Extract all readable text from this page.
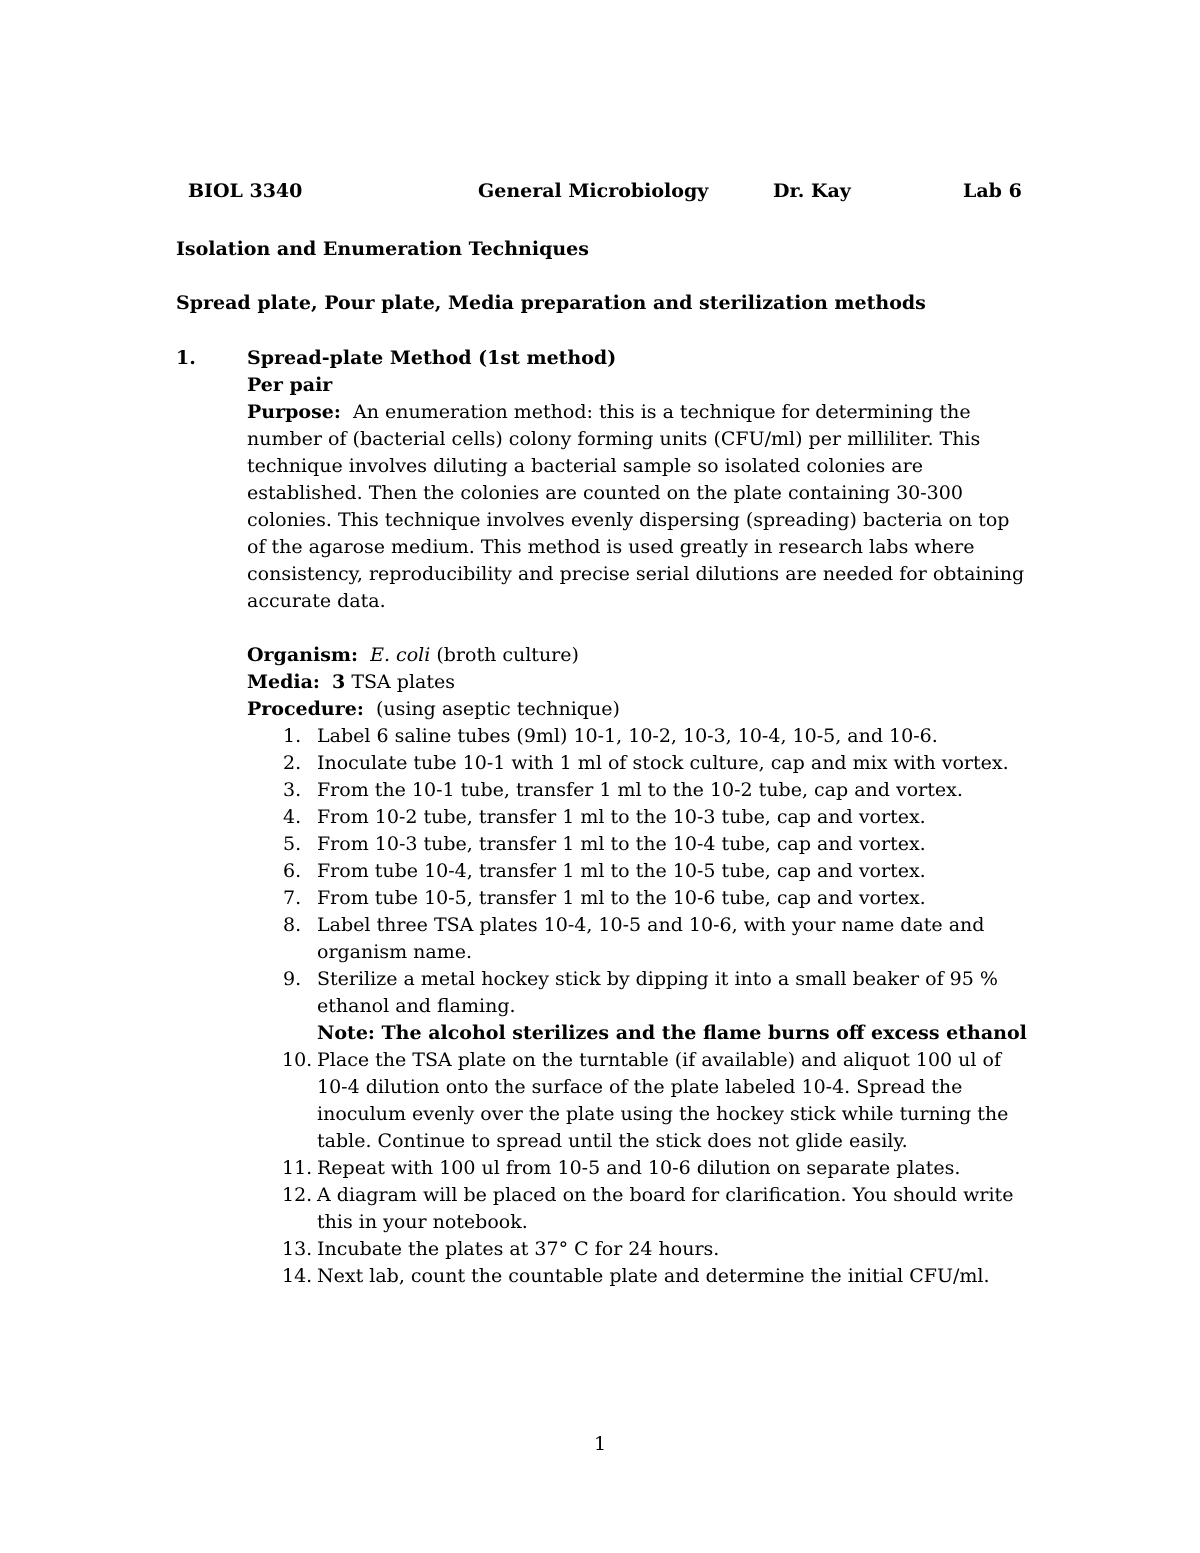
BIOL 3340	General Microbiology	Dr. Kay	Lab 6
Isolation and Enumeration Techniques
Spread plate, Pour plate, Media preparation and sterilization methods
1.	Spread-plate Method (1st method)
Per pair

Purpose: An enumeration method: this is a technique for determining the number of (bacterial cells) colony forming units (CFU/ml) per milliliter. This technique involves diluting a bacterial sample so isolated colonies are established. Then the colonies are counted on the plate containing 30-300 colonies. This technique involves evenly dispersing (spreading) bacteria on top of the agarose medium. This method is used greatly in research labs where consistency, reproducibility and precise serial dilutions are needed for obtaining accurate data.

Organism: E. coli (broth culture)
Media: 3 TSA plates
Procedure: (using aseptic technique)
1. Label 6 saline tubes (9ml) 10-1, 10-2, 10-3, 10-4, 10-5, and 10-6.
2. Inoculate tube 10-1 with 1 ml of stock culture, cap and mix with vortex.
3. From the 10-1 tube, transfer 1 ml to the 10-2 tube, cap and vortex.
4. From 10-2 tube, transfer 1 ml to the 10-3 tube, cap and vortex.
5. From 10-3 tube, transfer 1 ml to the 10-4 tube, cap and vortex.
6. From tube 10-4, transfer 1 ml to the 10-5 tube, cap and vortex.
7. From tube 10-5, transfer 1 ml to the 10-6 tube, cap and vortex.
8. Label three TSA plates 10-4, 10-5 and 10-6, with your name date and organism name.
9. Sterilize a metal hockey stick by dipping it into a small beaker of 95 % ethanol and flaming.
Note: The alcohol sterilizes and the flame burns off excess ethanol
10. Place the TSA plate on the turntable (if available) and aliquot 100 ul of 10-4 dilution onto the surface of the plate labeled 10-4. Spread the inoculum evenly over the plate using the hockey stick while turning the table. Continue to spread until the stick does not glide easily.
11. Repeat with 100 ul from 10-5 and 10-6 dilution on separate plates.
12. A diagram will be placed on the board for clarification. You should write this in your notebook.
13. Incubate the plates at 37° C for 24 hours.
14. Next lab, count the countable plate and determine the initial CFU/ml.
1
